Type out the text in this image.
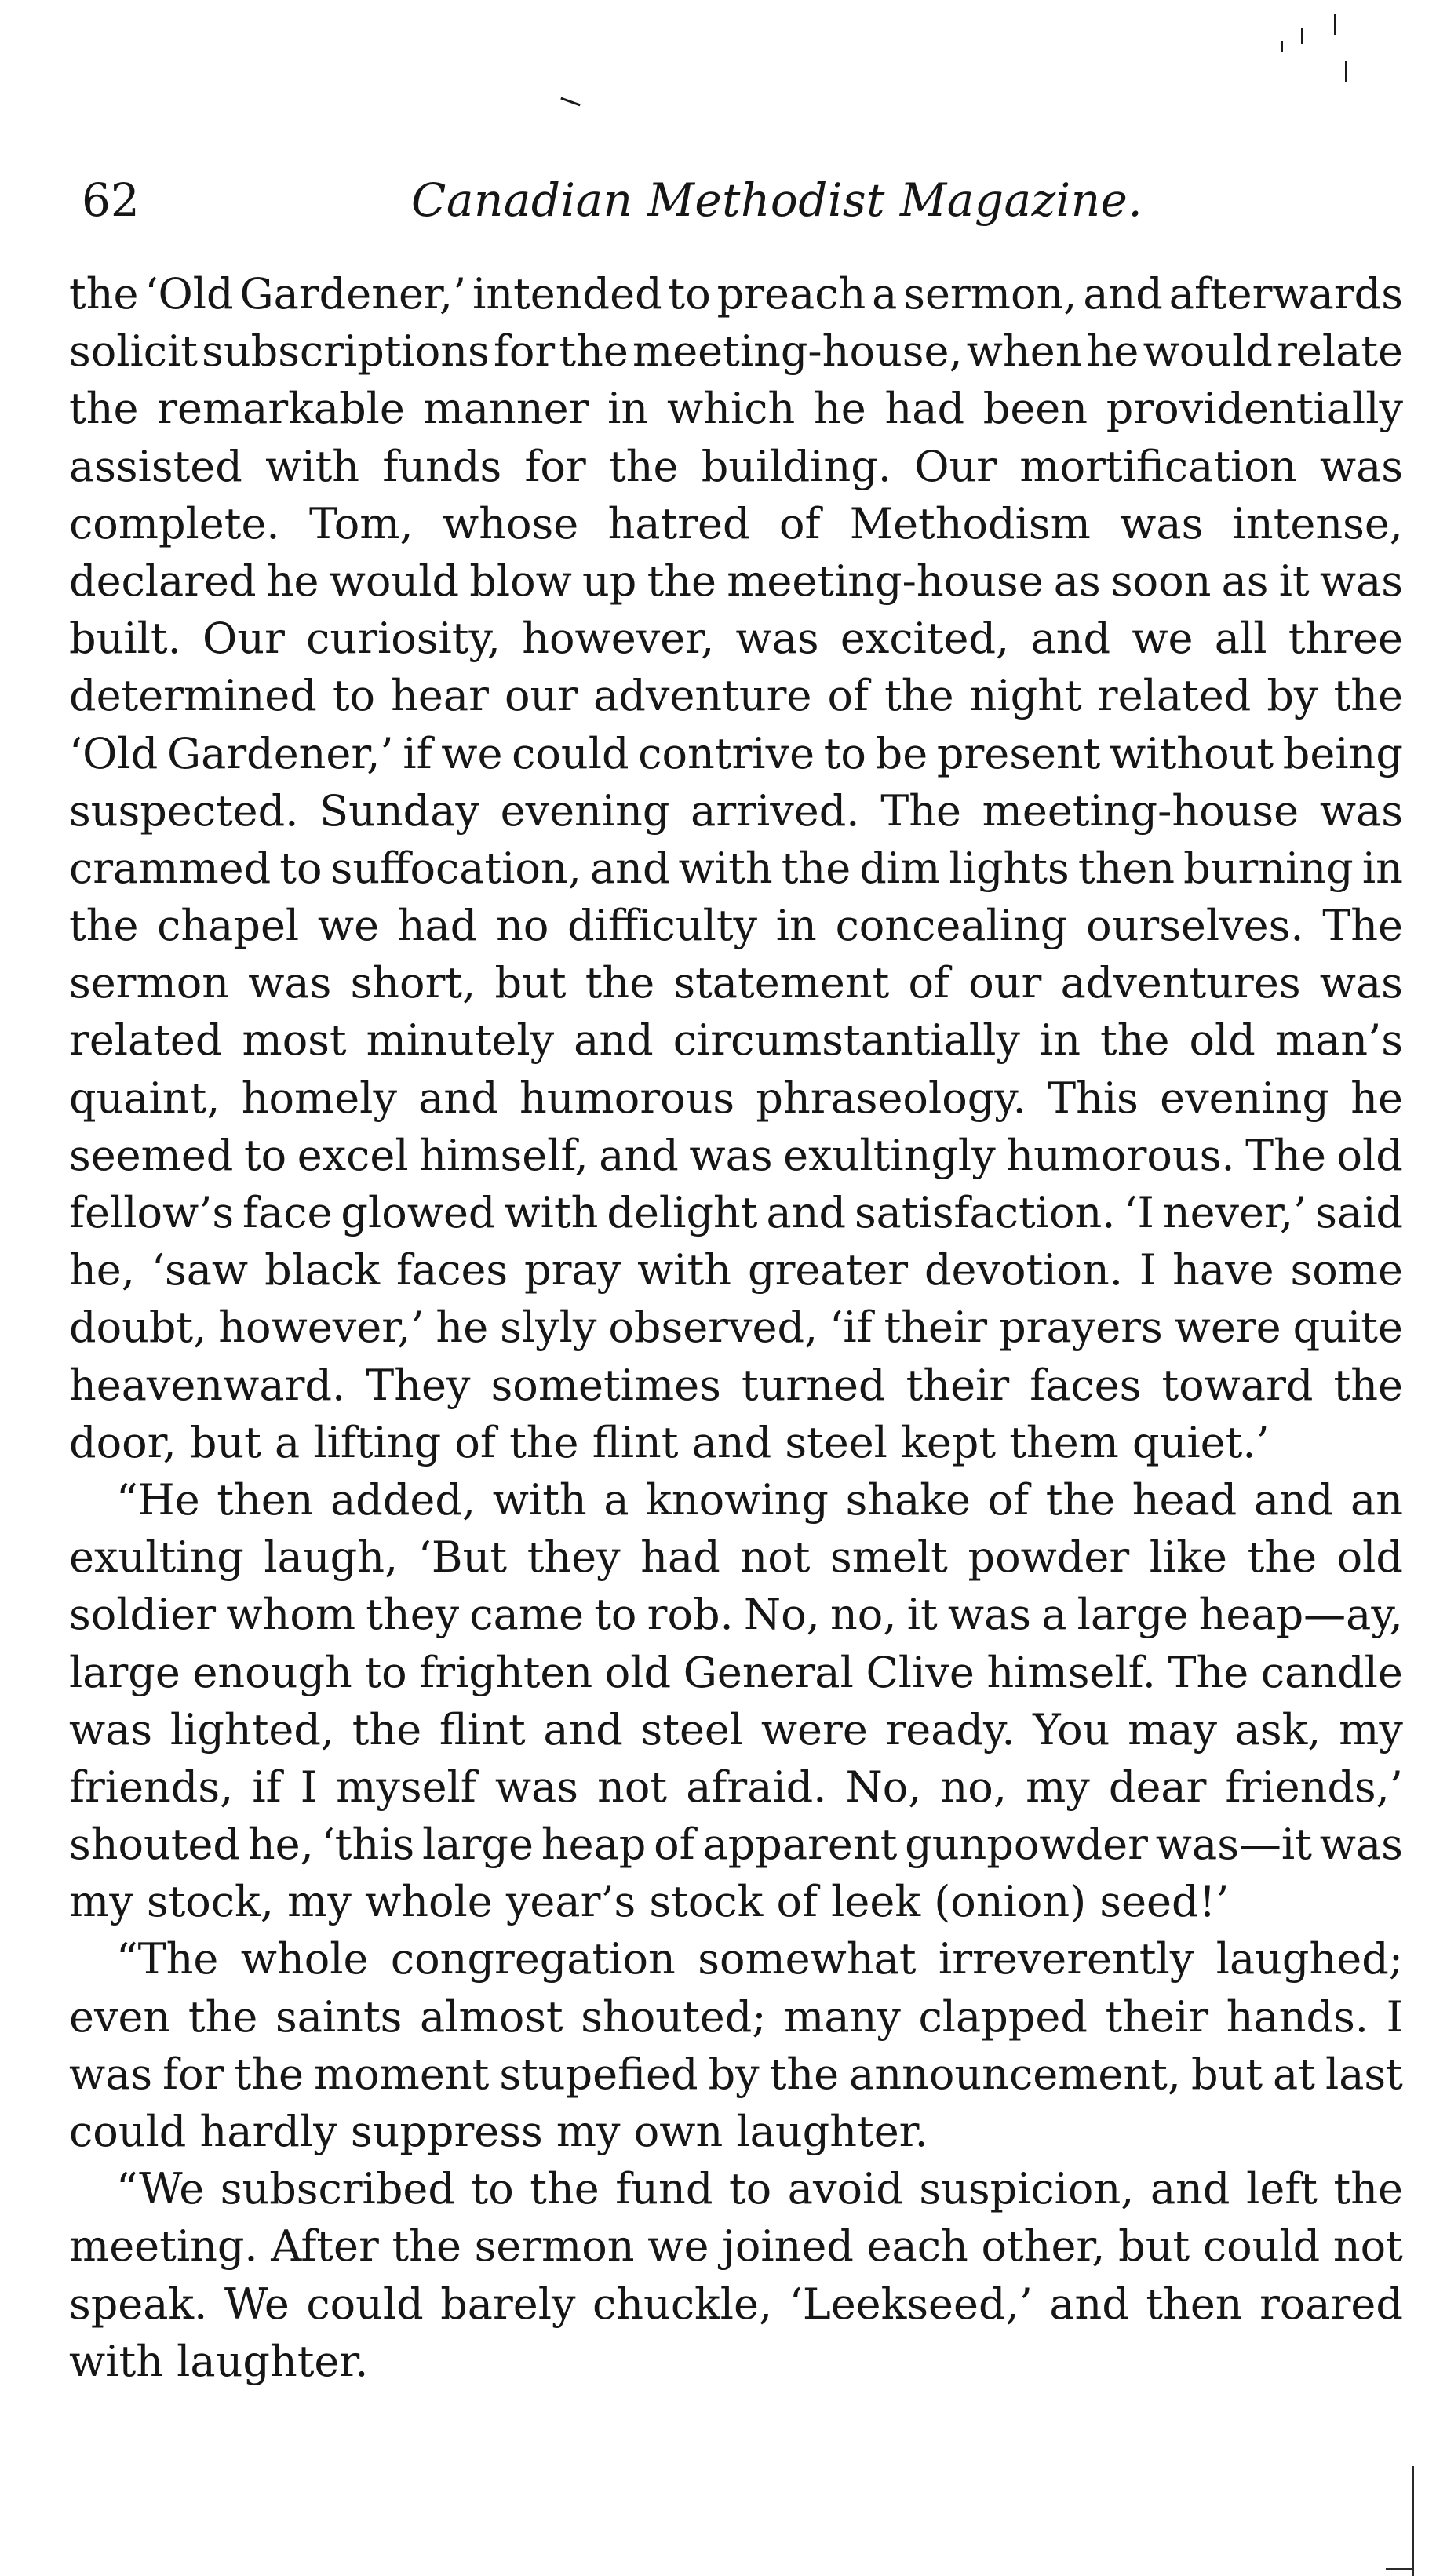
62	Canadian Methodist Magazine.
the ‘Old Gardener,’ intended to preach a sermon, and afterwards
solicit subscriptions for the meeting-house, when he would relate
the remarkable manner in which he had been providentially
assisted with funds for the building. Our mortification was
complete. Tom, whose hatred of Methodism was intense,
declared he would blow up the meeting-house as soon as it was
built. Our curiosity, however, was excited, and we all three
determined to hear our adventure of the night related by the
‘Old Gardener,’ if we could contrive to be present without being
suspected. Sunday evening arrived. The meeting-house was
crammed to suffocation, and with the dim lights then burning in
the chapel we had no difficulty in concealing ourselves. The
sermon was short, but the statement of our adventures was
related most minutely and circumstantially in the old man’s
quaint, homely and humorous phraseology. This evening he
seemed to excel himself, and was exultingly humorous. The old
fellow’s face glowed with delight and satisfaction. ‘I never,’ said
he, ‘saw black faces pray with greater devotion. I have some
doubt, however,’ he slyly observed, ‘if their prayers were quite
heavenward. They sometimes turned their faces toward the
door, but a lifting of the flint and steel kept them quiet.’
“He then added, with a knowing shake of the head and an
exulting laugh, ‘But they had not smelt powder like the old
soldier whom they came to rob. No, no, it was a large heap—ay,
large enough to frighten old General Clive himself. The candle
was lighted, the flint and steel were ready. You may ask, my
friends, if I myself was not afraid. No, no, my dear friends,’
shouted he, ‘this large heap of apparent gunpowder was—it was
my stock, my whole year’s stock of leek (onion) seed!’
“The whole congregation somewhat irreverently laughed;
even the saints almost shouted; many clapped their hands. I
was for the moment stupefied by the announcement, but at last
could hardly suppress my own laughter.
“We subscribed to the fund to avoid suspicion, and left the
meeting. After the sermon we joined each other, but could not
speak. We could barely chuckle, ‘Leekseed,’ and then roared
with laughter.
